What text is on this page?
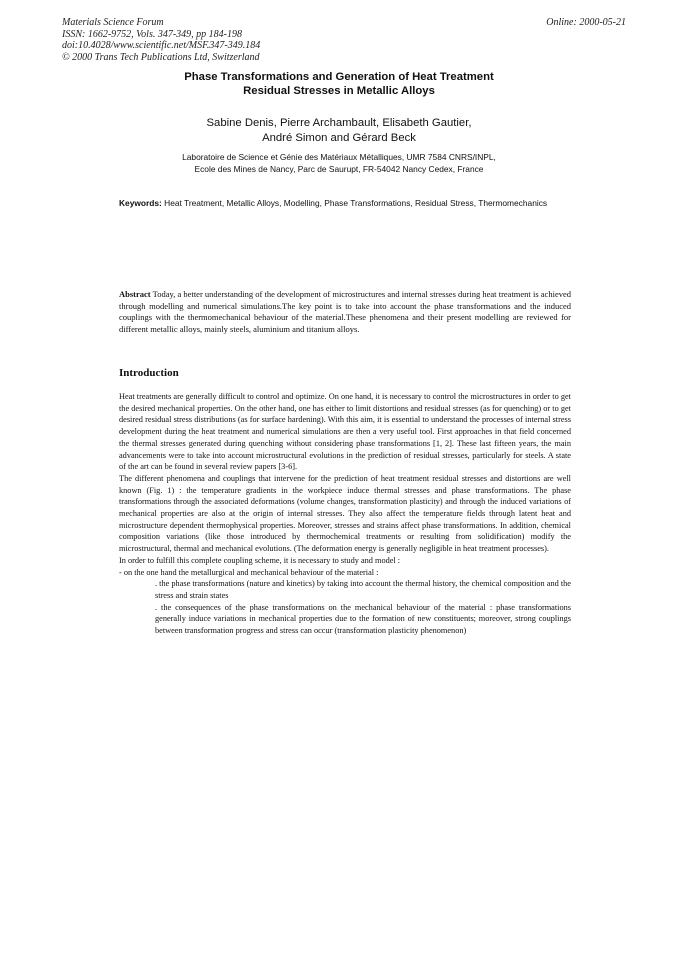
Materials Science Forum
ISSN: 1662-9752, Vols. 347-349, pp 184-198
doi:10.4028/www.scientific.net/MSF.347-349.184
© 2000 Trans Tech Publications Ltd, Switzerland
Online: 2000-05-21
Phase Transformations and Generation of Heat Treatment
Residual Stresses in Metallic Alloys
Sabine Denis, Pierre Archambault, Elisabeth Gautier,
André Simon and Gérard Beck
Laboratoire de Science et Génie des Matériaux Métalliques, UMR 7584 CNRS/INPL,
Ecole des Mines de Nancy, Parc de Saurupt, FR-54042 Nancy Cedex, France
Keywords: Heat Treatment, Metallic Alloys, Modelling, Phase Transformations, Residual Stress, Thermomechanics
Abstract Today, a better understanding of the development of microstructures and internal stresses during heat treatment is achieved through modelling and numerical simulations.The key point is to take into account the phase transformations and the induced couplings with the thermomechanical behaviour of the material.These phenomena and their present modelling are reviewed for different metallic alloys, mainly steels, aluminium and titanium alloys.
Introduction

Heat treatments are generally difficult to control and optimize. On one hand, it is necessary to control the microstructures in order to get the desired mechanical properties. On the other hand, one has either to limit distortions and residual stresses (as for quenching) or to get desired residual stress distributions (as for surface hardening). With this aim, it is essential to understand the processes of internal stress development during the heat treatment and numerical simulations are then a very useful tool. First approaches in that field concerned the thermal stresses generated during quenching without considering phase transformations [1, 2]. These last fifteen years, the main advancements were to take into account microstructural evolutions in the prediction of residual stresses, particularly for steels. A state of the art can be found in several review papers [3-6].

The different phenomena and couplings that intervene for the prediction of heat treatment residual stresses and distortions are well known (Fig. 1) : the temperature gradients in the workpiece induce thermal stresses and phase transformations. The phase transformations through the associated deformations (volume changes, transformation plasticity) and through the induced variations of mechanical properties are also at the origin of internal stresses. They also affect the temperature fields through latent heat and microstructure dependent thermophysical properties. Moreover, stresses and strains affect phase transformations. In addition, chemical composition variations (like those introduced by thermochemical treatments or resulting from solidification) modify the microstructural, thermal and mechanical evolutions. (The deformation energy is generally negligible in heat treatment processes).

In order to fulfill this complete coupling scheme, it is necessary to study and model :

- on the one hand the metallurgical and mechanical behaviour of the material :

. the phase transformations (nature and kinetics) by taking into account the thermal history, the chemical composition and the stress and strain states

. the consequences of the phase transformations on the mechanical behaviour of the material : phase transformations generally induce variations in mechanical properties due to the formation of new constituents; moreover, strong couplings between transformation progress and stress can occur (transformation plasticity phenomenon)
